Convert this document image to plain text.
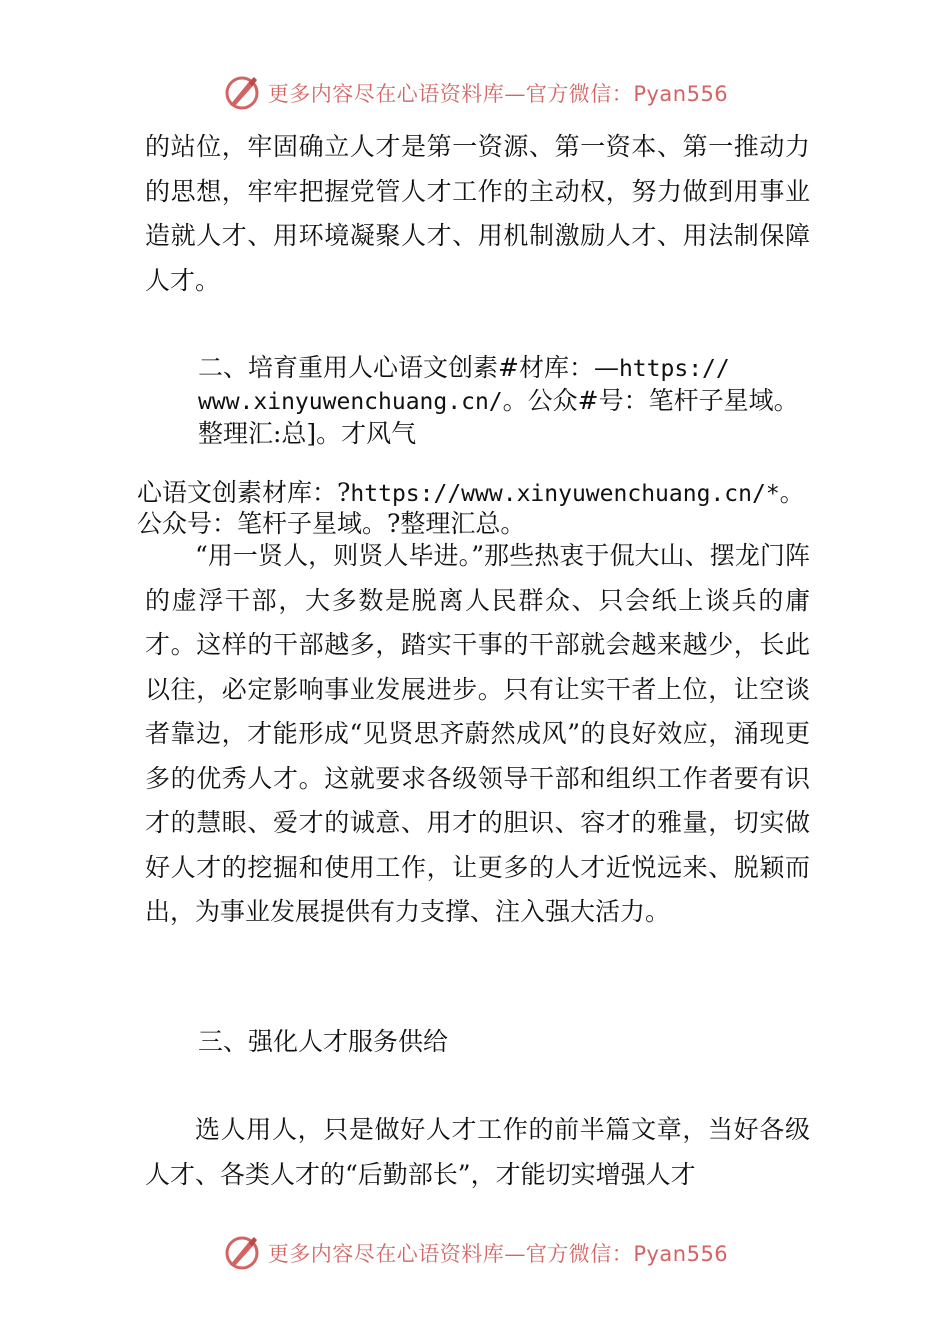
更多内容尽在心语资料库—官方微信：Pyan556

的站位，牢固确立人才是第一资源、第一资本、第一推动力的思想，牢牢把握党管人才工作的主动权，努力做到用事业造就人才、用环境凝聚人才、用机制激励人才、用法制保障人才。

二、培育重用人心语文创素#材库：—https://
www.xinyuwenchuang.cn/。公众#号：笔杆子星域。
整理汇:总]。才风气

心语文创素材库：?https://www.xinyuwenchuang.cn/*。
公众号：笔杆子星域。?整理汇总。

“用一贤人，则贤人毕进。”那些热衷于侃大山、摆龙门阵的虚浮干部，大多数是脱离人民群众、只会纸上谈兵的庸才。这样的干部越多，踏实干事的干部就会越来越少，长此以往，必定影响事业发展进步。只有让实干者上位，让空谈者靠边，才能形成“见贤思齐蔚然成风”的良好效应，涌现更多的优秀人才。这就要求各级领导干部和组织工作者要有识才的慧眼、爱才的诚意、用才的胆识、容才的雅量，切实做好人才的挖掘和使用工作，让更多的人才近悦远来、脱颖而出，为事业发展提供有力支撑、注入强大活力。

三、强化人才服务供给

选人用人，只是做好人才工作的前半篇文章，当好各级人才、各类人才的“后勤部长”，才能切实增强人才

更多内容尽在心语资料库—官方微信：Pyan556
